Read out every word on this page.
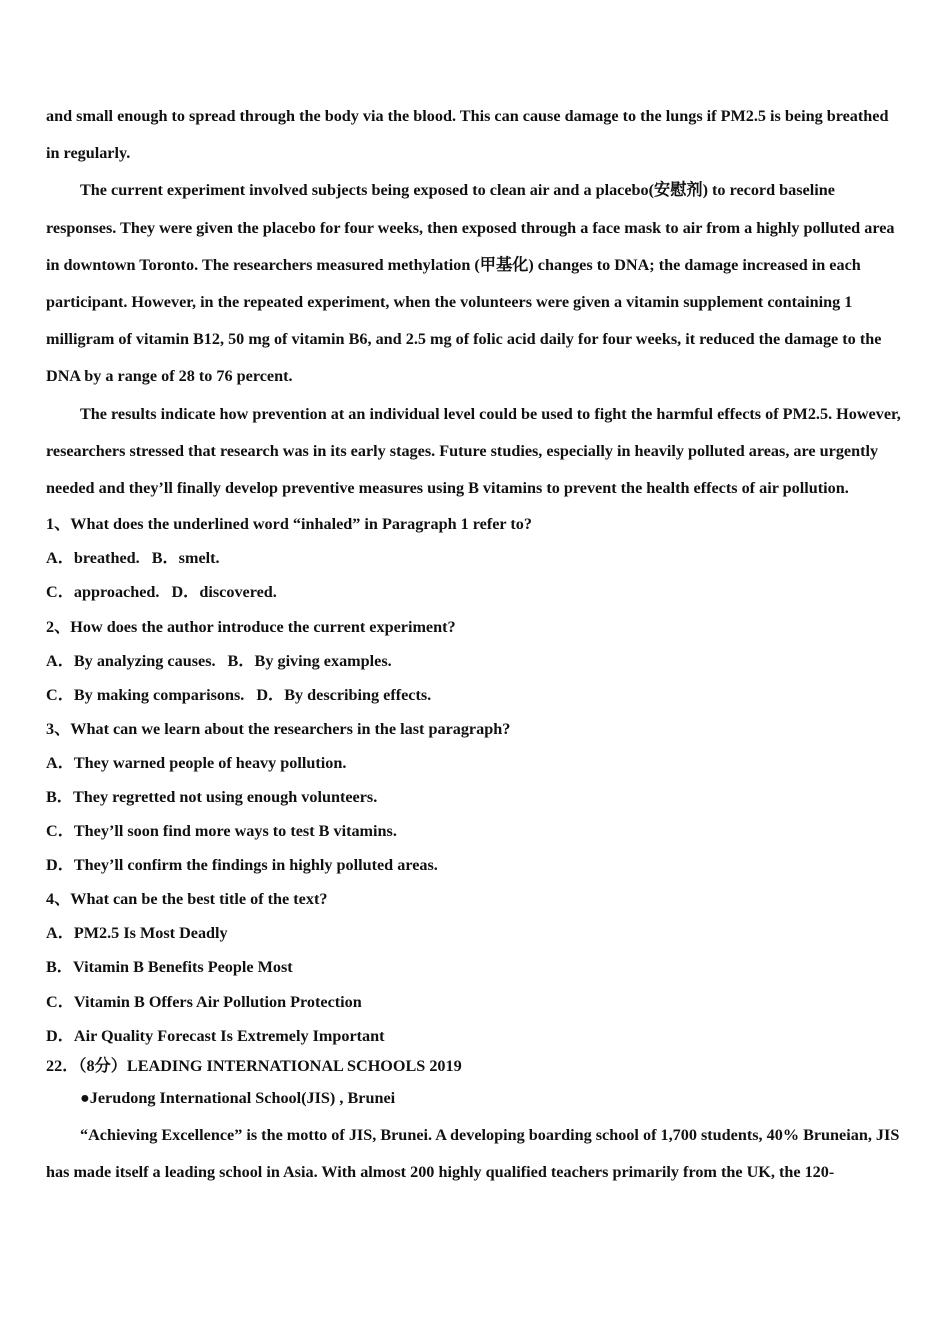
and small enough to spread through the body via the blood. This can cause damage to the lungs if PM2.5 is being breathed in regularly.

The current experiment involved subjects being exposed to clean air and a placebo(安慰剂) to record baseline responses. They were given the placebo for four weeks, then exposed through a face mask to air from a highly polluted area in downtown Toronto. The researchers measured methylation (甲基化) changes to DNA; the damage increased in each participant. However, in the repeated experiment, when the volunteers were given a vitamin supplement containing 1 milligram of vitamin B12, 50 mg of vitamin B6, and 2.5 mg of folic acid daily for four weeks, it reduced the damage to the DNA by a range of 28 to 76 percent.

The results indicate how prevention at an individual level could be used to fight the harmful effects of PM2.5. However, researchers stressed that research was in its early stages. Future studies, especially in heavily polluted areas, are urgently needed and they’ll finally develop preventive measures using B vitamins to prevent the health effects of air pollution.

1、What does the underlined word “inhaled” in Paragraph 1 refer to?

A．breathed. B．smelt.

C．approached. D．discovered.

2、How does the author introduce the current experiment?

A．By analyzing causes. B．By giving examples.

C．By making comparisons. D．By describing effects.

3、What can we learn about the researchers in the last paragraph?

A．They warned people of heavy pollution.

B．They regretted not using enough volunteers.

C．They’ll soon find more ways to test B vitamins.

D．They’ll confirm the findings in highly polluted areas.

4、What can be the best title of the text?

A．PM2.5 Is Most Deadly

B．Vitamin B Benefits People Most

C．Vitamin B Offers Air Pollution Protection

D．Air Quality Forecast Is Extremely Important

22．（8分）LEADING INTERNATIONAL SCHOOLS 2019

●Jerudong International School(JIS) , Brunei

“Achieving Excellence” is the motto of JIS, Brunei. A developing boarding school of 1,700 students, 40% Bruneian, JIS has made itself a leading school in Asia. With almost 200 highly qualified teachers primarily from the UK, the 120-
